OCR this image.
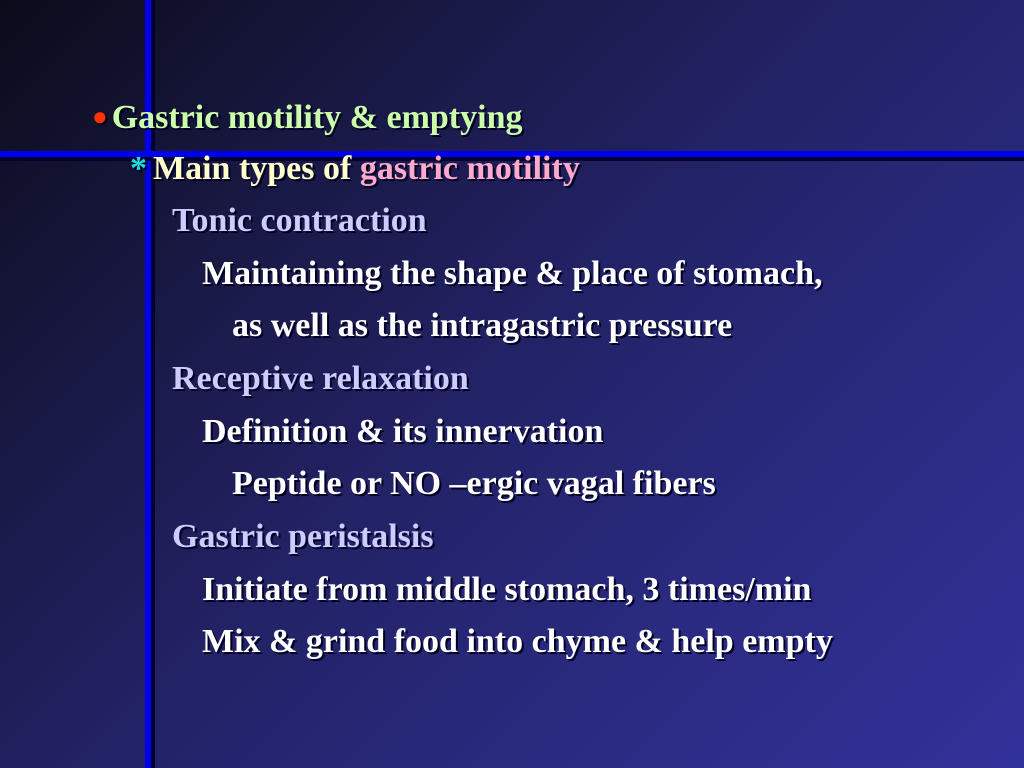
● Gastric motility & emptying
* Main types of gastric motility
Tonic contraction
Maintaining the shape & place of stomach,
as well as the intragastric pressure
Receptive relaxation
Definition & its innervation
Peptide or NO –ergic vagal fibers
Gastric peristalsis
Initiate from middle stomach, 3 times/min
Mix & grind food into chyme & help empty
